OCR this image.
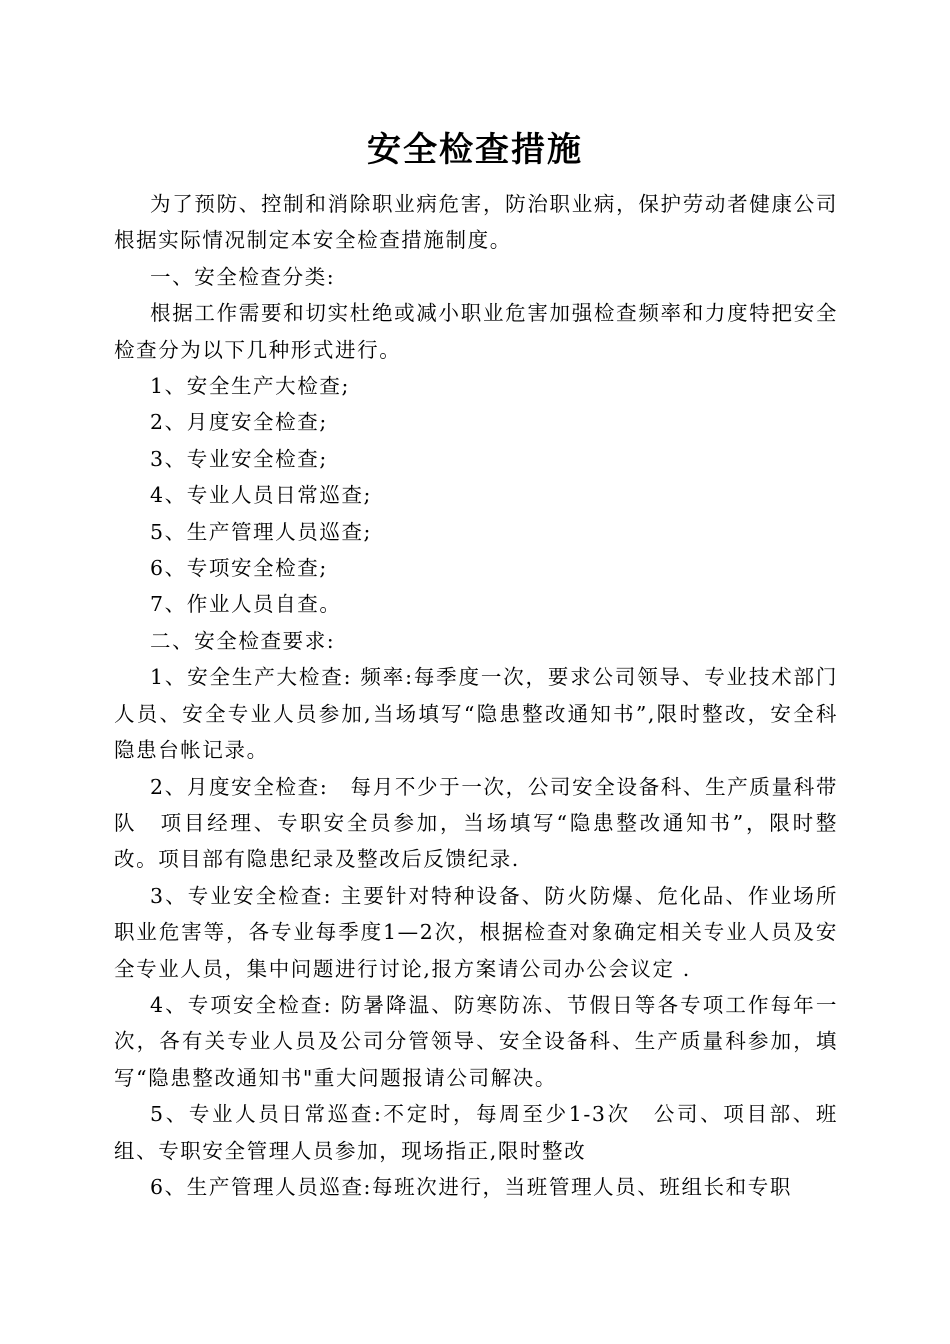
安全检查措施

为了预防、控制和消除职业病危害，防治职业病，保护劳动者健康公司根据实际情况制定本安全检查措施制度。

一、安全检查分类:

根据工作需要和切实杜绝或减小职业危害加强检查频率和力度特把安全检查分为以下几种形式进行。

1、安全生产大检查;

2、月度安全检查;

3、专业安全检查;

4、专业人员日常巡查;

5、生产管理人员巡查;

6、专项安全检查;

7、作业人员自查。

二、安全检查要求:

1、安全生产大检查: 频率:每季度一次，要求公司领导、专业技术部门人员、安全专业人员参加,当场填写“隐患整改通知书”,限时整改，安全科隐患台帐记录。

2、月度安全检查:　每月不少于一次，公司安全设备科、生产质量科带队　项目经理、专职安全员参加，当场填写“隐患整改通知书”，限时整改。项目部有隐患纪录及整改后反馈纪录.

3、专业安全检查: 主要针对特种设备、防火防爆、危化品、作业场所职业危害等，各专业每季度1—2次，根据检查对象确定相关专业人员及安全专业人员，集中问题进行讨论,报方案请公司办公会议定 .

4、专项安全检查: 防暑降温、防寒防冻、节假日等各专项工作每年一次，各有关专业人员及公司分管领导、安全设备科、生产质量科参加，填写“隐患整改通知书"重大问题报请公司解决。

5、专业人员日常巡查:不定时，每周至少1-3次　公司、项目部、班组、专职安全管理人员参加，现场指正,限时整改

6、生产管理人员巡查:每班次进行，当班管理人员、班组长和专职
